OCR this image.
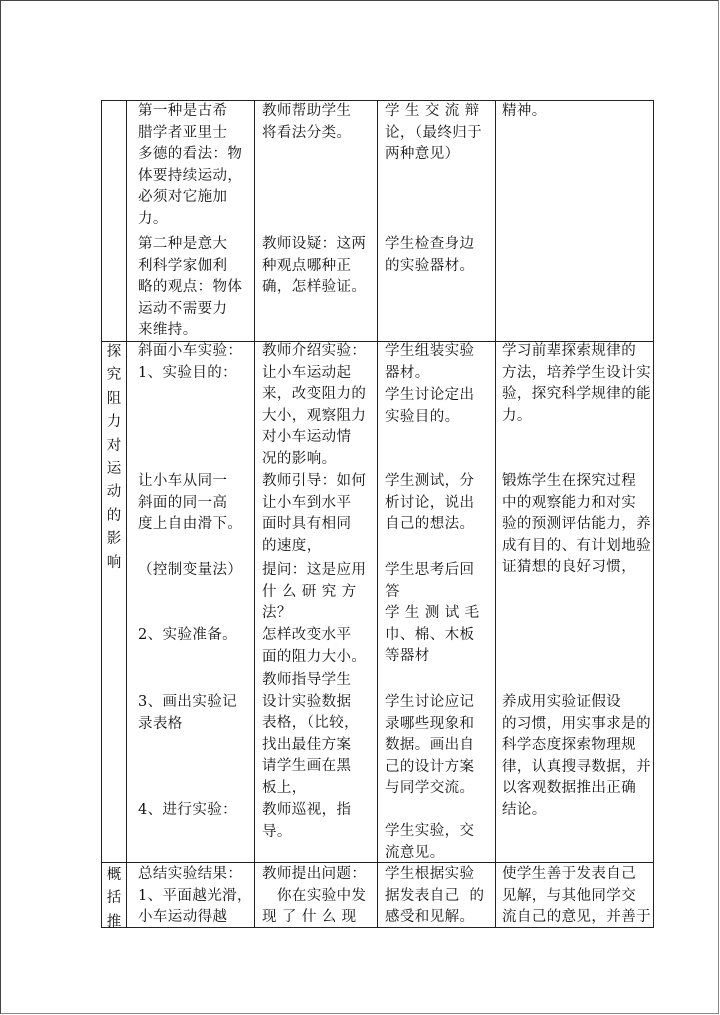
第一种是古希
腊学者亚里士
多德的看法：物
体要持续运动，
必须对它施加
力。

第二种是意大
利科学家伽利
略的观点：物体
运动不需要力
来维持。

教师帮助学生
将看法分类。

教师设疑：这两
种观点哪种正
确，怎样验证。

学 生 交 流 辩
论，（最终归于
两种意见）

学生检查身边
的实验器材。

精神。

探究阻力对运动的影响

斜面小车实验：
1、实验目的：

让小车从同一
斜面的同一高
度上自由滑下。

（控制变量法）

2、实验准备。

3、画出实验记
录表格

4、进行实验：

教师介绍实验：
让小车运动起
来，改变阻力的
大小，观察阻力
对小车运动情
况的影响。

教师引导：如何
让小车到水平
面时具有相同
的速度，

提问：这是应用
什 么 研 究 方
法？

怎样改变水平
面的阻力大小。

教师指导学生
设计实验数据
表格，（比较，
找出最佳方案
请学生画在黑
板上，

教师巡视，指
导。

学生组装实验
器材。

学生讨论定出
实验目的。

学生测试，分
析讨论，说出
自己的想法。

学生思考后回
答

学 生 测 试 毛
巾、棉、木板
等器材

学生讨论应记
录哪些现象和
数据。画出自
己的设计方案
与同学交流。

学生实验，交
流意见。

学习前辈探索规律的
方法，培养学生设计实
验，探究科学规律的能
力。

锻炼学生在探究过程
中的观察能力和对实
验的预测评估能力，养
成有目的、有计划地验
证猜想的良好习惯，

养成用实验证假设
的习惯，用实事求是的
科学态度探索物理规
律，认真搜寻数据，并
以客观数据推出正确
结论。

概括推

总结实验结果：
1、平面越光滑，
小车运动得越

教师提出问题：
你在实验中发
现 了 什 么 现

学生根据实验
据发表自己  的
感受和见解。

使学生善于发表自己
见解，与其他同学交
流自己的意见，并善于
